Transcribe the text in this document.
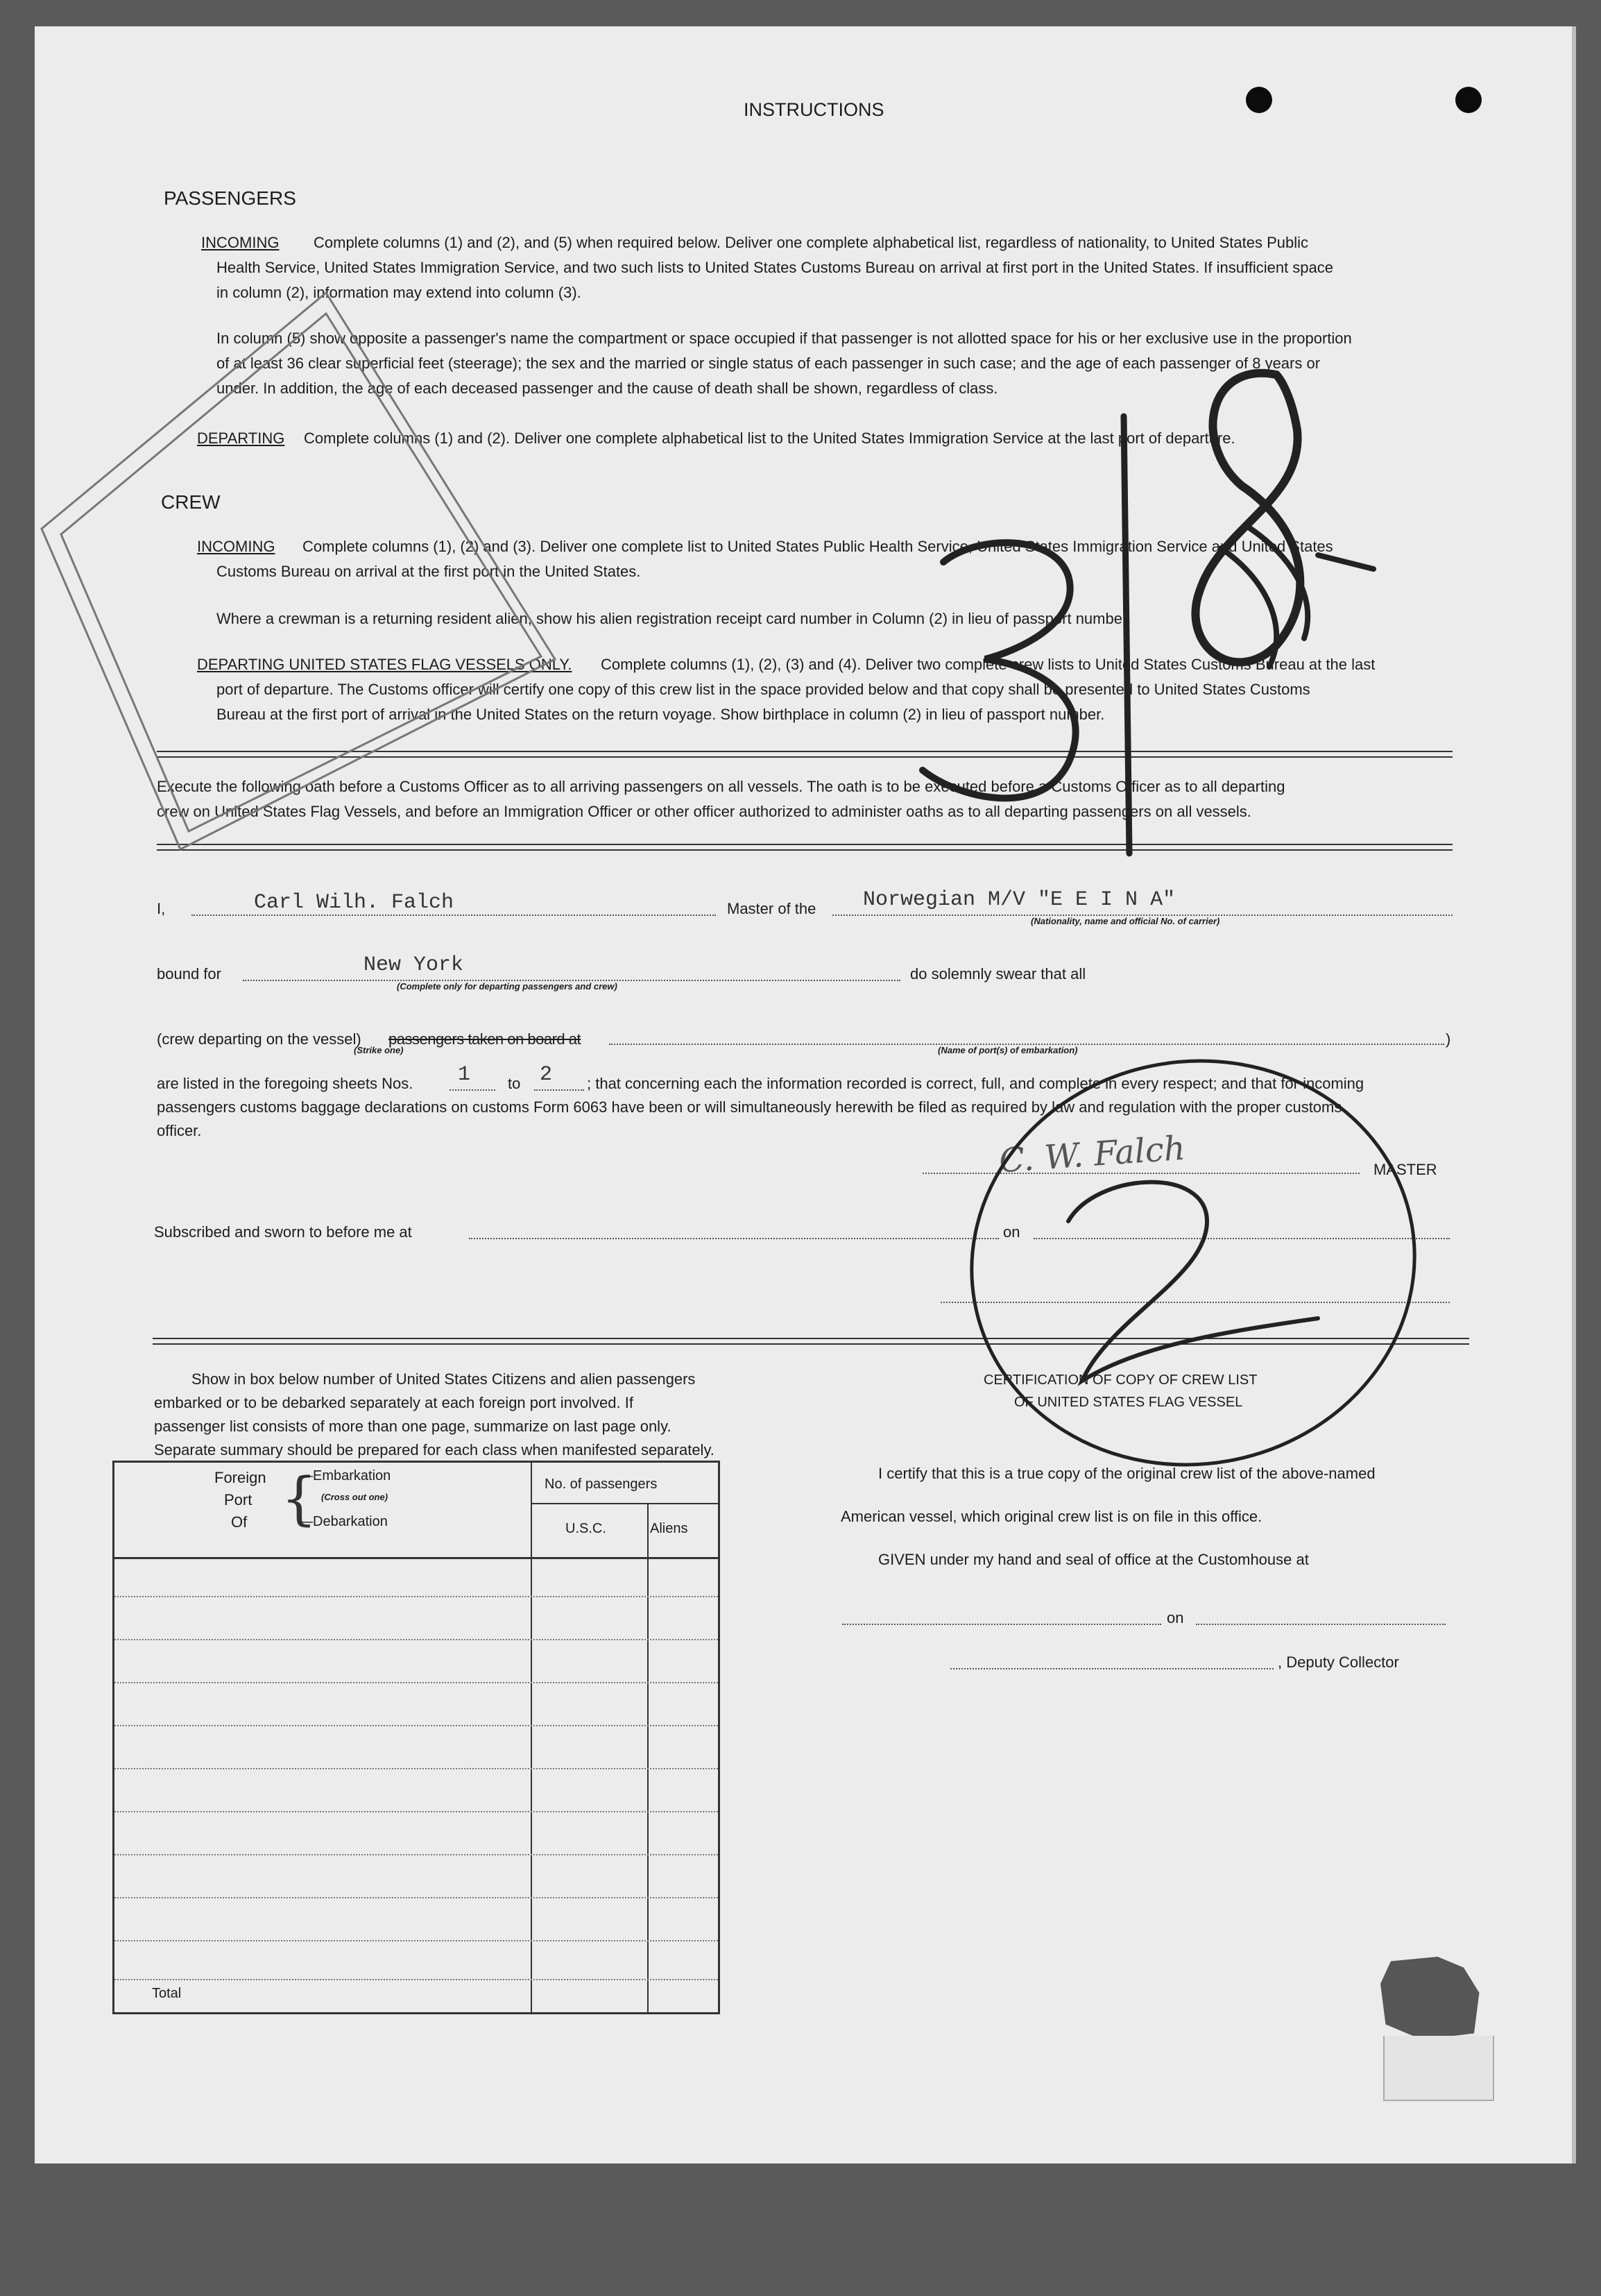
INSTRUCTIONS
PASSENGERS
INCOMING Complete columns (1) and (2), and (5) when required below. Deliver one complete alphabetical list, regardless of nationality, to United States Public
Health Service, United States Immigration Service, and two such lists to United States Customs Bureau on arrival at first port in the United States. If insufficient space
in column (2), information may extend into column (3).
In column (5) show opposite a passenger's name the compartment or space occupied if that passenger is not allotted space for his or her exclusive use in the proportion
of at least 36 clear superficial feet (steerage); the sex and the married or single status of each passenger in such case; and the age of each passenger of 8 years or
under. In addition, the age of each deceased passenger and the cause of death shall be shown, regardless of class.
DEPARTING Complete columns (1) and (2). Deliver one complete alphabetical list to the United States Immigration Service at the last port of departure.
CREW
INCOMING Complete columns (1), (2) and (3). Deliver one complete list to United States Public Health Service, United States Immigration Service and United States
Customs Bureau on arrival at the first port in the United States.
Where a crewman is a returning resident alien, show his alien registration receipt card number in Column (2) in lieu of passport number.
DEPARTING UNITED STATES FLAG VESSELS ONLY. Complete columns (1), (2), (3) and (4). Deliver two complete crew lists to United States Customs Bureau at the last
port of departure. The Customs officer will certify one copy of this crew list in the space provided below and that copy shall be presented to United States Customs
Bureau at the first port of arrival in the United States on the return voyage. Show birthplace in column (2) in lieu of passport number.
Execute the following oath before a Customs Officer as to all arriving passengers on all vessels. The oath is to be executed before a Customs Officer as to all departing
crew on United States Flag Vessels, and before an Immigration Officer or other officer authorized to administer oaths as to all departing passengers on all vessels.
I,	Carl Wilh. Falch	Master of the Norwegian M/V "E E I N A"
(Nationality, name and official No. of carrier)
bound for	New York
(Complete only for departing passengers and crew)
do solemnly swear that all
(crew departing on the vessel) passengers taken on board at	)
(Strike one)	(Name of port(s) of embarkation)
are listed in the foregoing sheets Nos. 1 to 2 ; that concerning each the information recorded is correct, full, and complete in every respect; and that for incoming
passengers customs baggage declarations on customs Form 6063 have been or will simultaneously herewith be filed as required by law and regulation with the proper customs
officer.	C. W. Falch	MASTER
Subscribed and sworn to before me at	on
Show in box below number of United States Citizens and alien passengers
embarked or to be debarked separately at each foreign port involved. If
passenger list consists of more than one page, summarize on last page only.
Separate summary should be prepared for each class when manifested separately.
Foreign
Port
Of {
—Embarkation
(Cross out one)
—Debarkation
No. of passengers
U.S.C.	Aliens
Total
CERTIFICATION OF COPY OF CREW LIST
OF UNITED STATES FLAG VESSEL
I certify that this is a true copy of the original crew list of the above-named
American vessel, which original crew list is on file in this office.
GIVEN under my hand and seal of office at the Customhouse at
on
, Deputy Collector
